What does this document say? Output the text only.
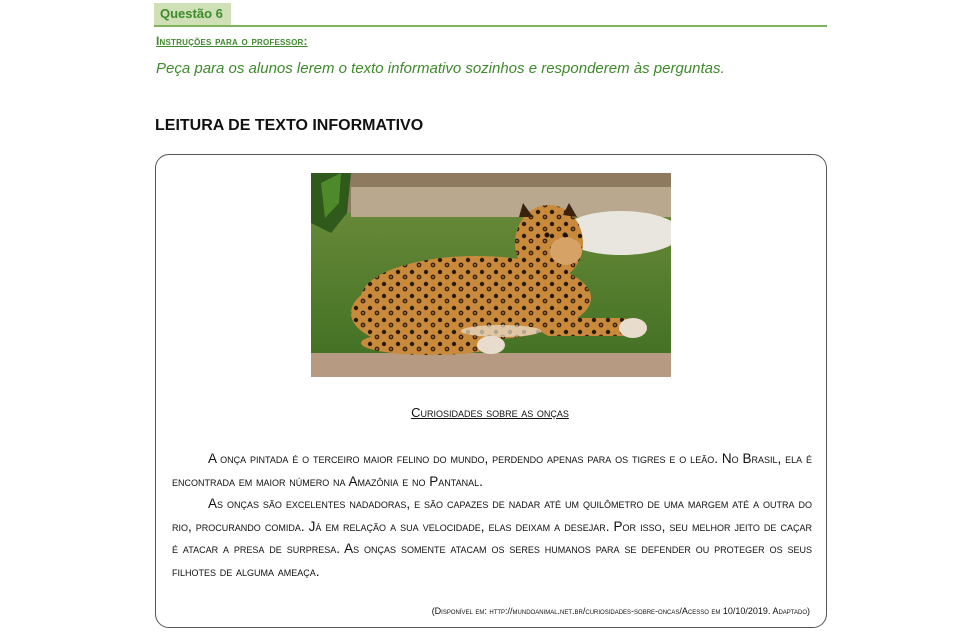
Questão 6
Instruções para o professor:
Peça para os alunos lerem o texto informativo sozinhos e responderem às perguntas.
LEITURA DE TEXTO INFORMATIVO
Curiosidades sobre as onças

A onça pintada é o terceiro maior felino do mundo, perdendo apenas para os tigres e o leão. No Brasil, ela é encontrada em maior número na Amazônia e no Pantanal.

As onças são excelentes nadadoras, e são capazes de nadar até um quilômetro de uma margem até a outra do rio, procurando comida. Já em relação a sua velocidade, elas deixam a desejar. Por isso, seu melhor jeito de caçar é atacar a presa de surpresa. As onças somente atacam os seres humanos para se defender ou proteger os seus filhotes de alguma ameaça.

(Disponível em: http://mundoanimal.net.br/curiosidades-sobre-oncas/Acesso em 10/10/2019. Adaptado)
